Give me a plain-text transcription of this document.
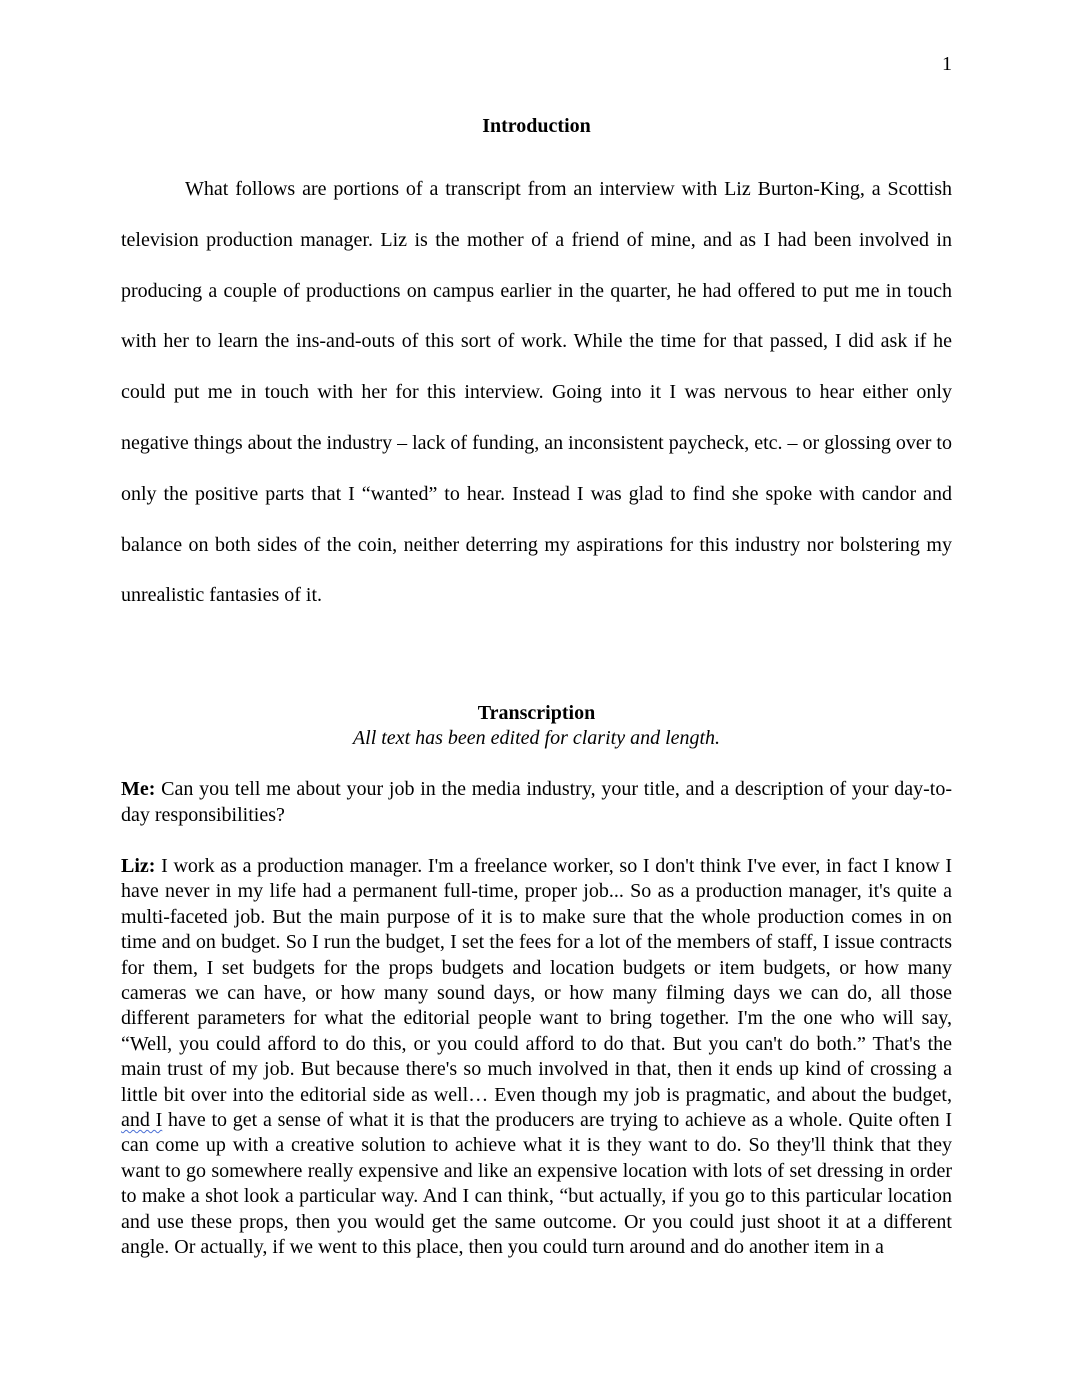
1

Introduction

What follows are portions of a transcript from an interview with Liz Burton-King, a Scottish television production manager. Liz is the mother of a friend of mine, and as I had been involved in producing a couple of productions on campus earlier in the quarter, he had offered to put me in touch with her to learn the ins-and-outs of this sort of work. While the time for that passed, I did ask if he could put me in touch with her for this interview. Going into it I was nervous to hear either only negative things about the industry – lack of funding, an inconsistent paycheck, etc. – or glossing over to only the positive parts that I “wanted” to hear. Instead I was glad to find she spoke with candor and balance on both sides of the coin, neither deterring my aspirations for this industry nor bolstering my unrealistic fantasies of it.

Transcription

All text has been edited for clarity and length.

Me: Can you tell me about your job in the media industry, your title, and a description of your day-to-day responsibilities?

Liz: I work as a production manager. I'm a freelance worker, so I don't think I've ever, in fact I know I have never in my life had a permanent full-time, proper job... So as a production manager, it's quite a multi-faceted job. But the main purpose of it is to make sure that the whole production comes in on time and on budget. So I run the budget, I set the fees for a lot of the members of staff, I issue contracts for them, I set budgets for the props budgets and location budgets or item budgets, or how many cameras we can have, or how many sound days, or how many filming days we can do, all those different parameters for what the editorial people want to bring together. I'm the one who will say, “Well, you could afford to do this, or you could afford to do that. But you can't do both.” That's the main trust of my job. But because there's so much involved in that, then it ends up kind of crossing a little bit over into the editorial side as well… Even though my job is pragmatic, and about the budget, and I have to get a sense of what it is that the producers are trying to achieve as a whole. Quite often I can come up with a creative solution to achieve what it is they want to do. So they'll think that they want to go somewhere really expensive and like an expensive location with lots of set dressing in order to make a shot look a particular way. And I can think, “but actually, if you go to this particular location and use these props, then you would get the same outcome. Or you could just shoot it at a different angle. Or actually, if we went to this place, then you could turn around and do another item in a
